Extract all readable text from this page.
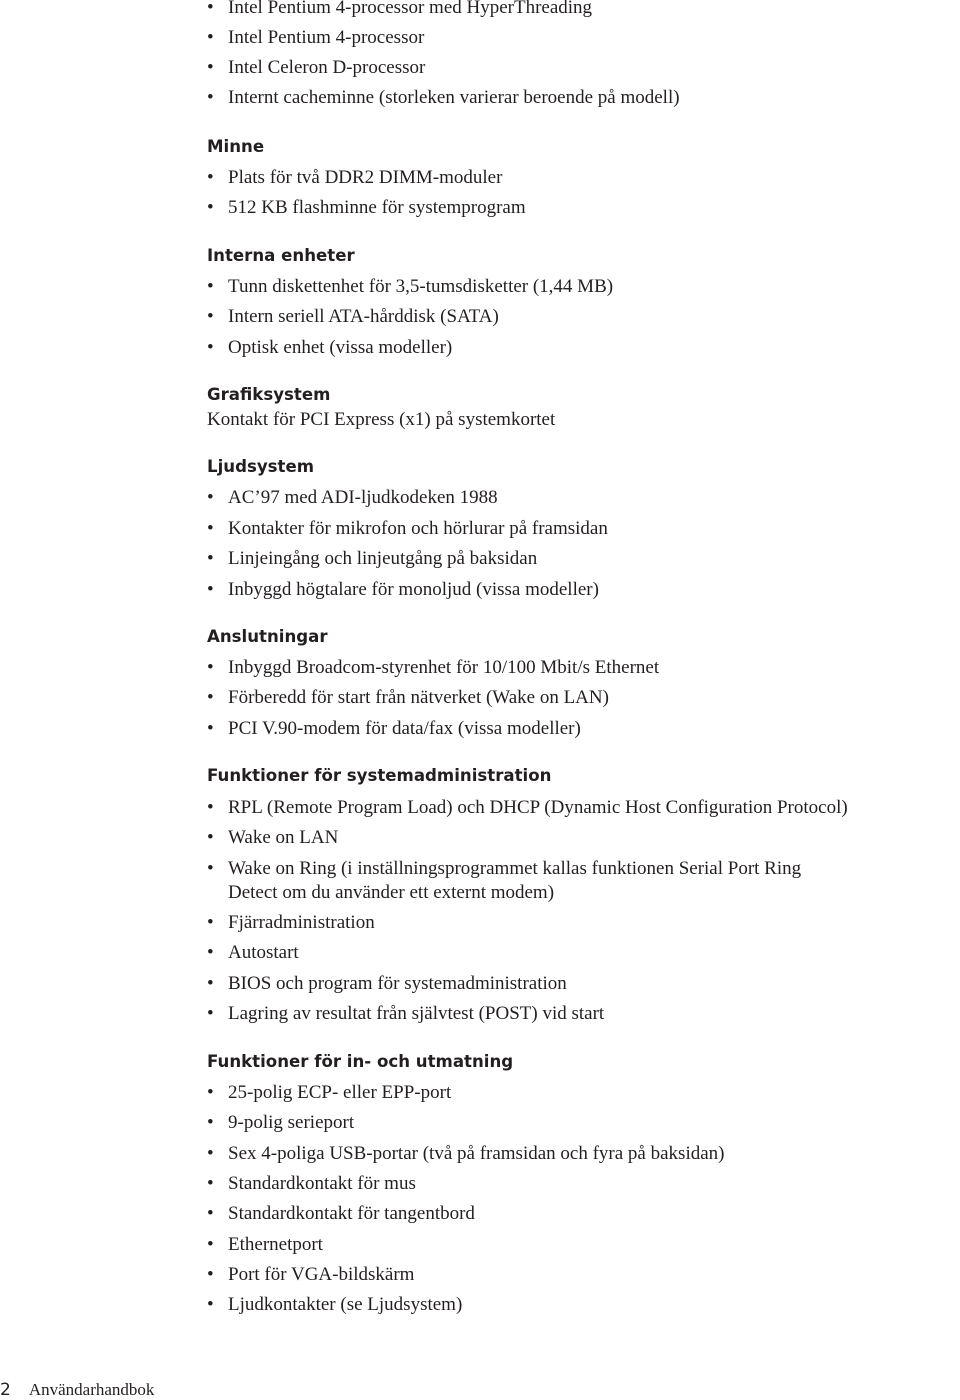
• Intel Pentium 4-processor med HyperThreading
• Intel Pentium 4-processor
• Intel Celeron D-processor
• Internt cacheminne (storleken varierar beroende på modell)
Minne
• Plats för två DDR2 DIMM-moduler
• 512 KB flashminne för systemprogram
Interna enheter
• Tunn diskettenhet för 3,5-tumsdisketter (1,44 MB)
• Intern seriell ATA-hårddisk (SATA)
• Optisk enhet (vissa modeller)
Grafiksystem
Kontakt för PCI Express (x1) på systemkortet
Ljudsystem
• AC’97 med ADI-ljudkodeken 1988
• Kontakter för mikrofon och hörlurar på framsidan
• Linjeingång och linjeutgång på baksidan
• Inbyggd högtalare för monoljud (vissa modeller)
Anslutningar
• Inbyggd Broadcom-styrenhet för 10/100 Mbit/s Ethernet
• Förberedd för start från nätverket (Wake on LAN)
• PCI V.90-modem för data/fax (vissa modeller)
Funktioner för systemadministration
• RPL (Remote Program Load) och DHCP (Dynamic Host Configuration Protocol)
• Wake on LAN
• Wake on Ring (i inställningsprogrammet kallas funktionen Serial Port Ring
Detect om du använder ett externt modem)
• Fjärradministration
• Autostart
• BIOS och program för systemadministration
• Lagring av resultat från självtest (POST) vid start
Funktioner för in- och utmatning
• 25-polig ECP- eller EPP-port
• 9-polig serieport
• Sex 4-poliga USB-portar (två på framsidan och fyra på baksidan)
• Standardkontakt för mus
• Standardkontakt för tangentbord
• Ethernetport
• Port för VGA-bildskärm
• Ljudkontakter (se Ljudsystem)
2 Användarhandbok
